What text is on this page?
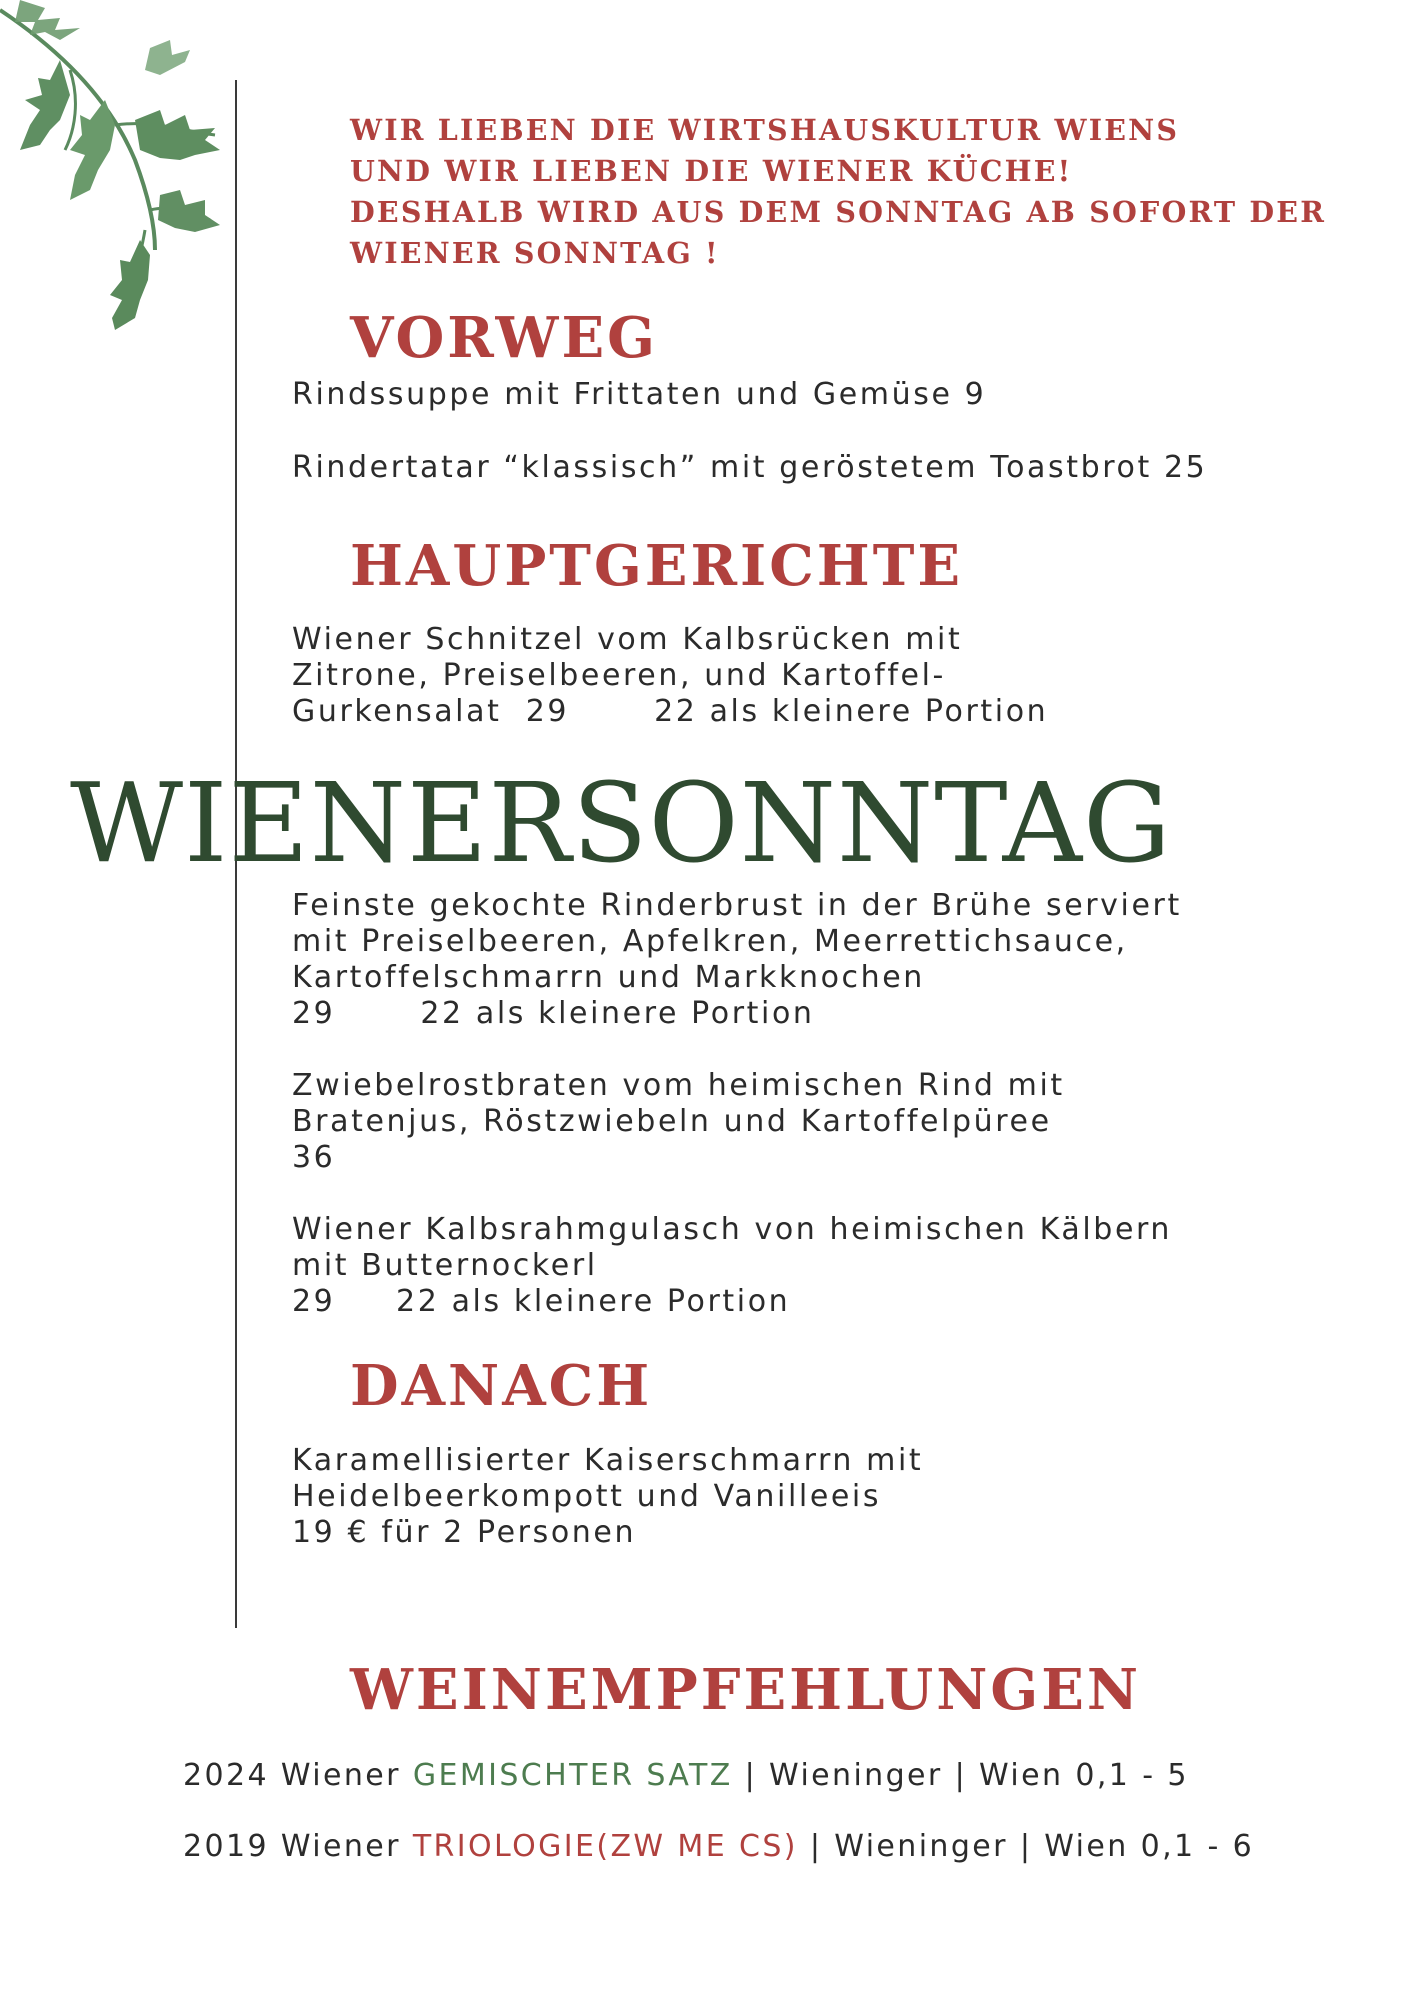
WIR LIEBEN DIE WIRTSHAUSKULTUR WIENS
UND WIR LIEBEN DIE WIENER KÜCHE!
DESHALB WIRD AUS DEM SONNTAG AB SOFORT DER
WIENER SONNTAG !
VORWEG
Rindssuppe mit Frittaten und Gemüse 9
Rindertatar “klassisch” mit geröstetem Toastbrot 25
HAUPTGERICHTE
Wiener Schnitzel vom Kalbsrücken mit
Zitrone, Preiselbeeren, und Kartoffel-
Gurkensalat  29       22 als kleinere Portion
WIENERSONNTAG
Feinste gekochte Rinderbrust in der Brühe serviert
mit Preiselbeeren, Apfelkren, Meerrettichsauce,
Kartoffelschmarrn und Markknochen
29       22 als kleinere Portion
Zwiebelrostbraten vom heimischen Rind mit
Bratenjus, Röstzwiebeln und Kartoffelpüree
36
Wiener Kalbsrahmgulasch von heimischen Kälbern
mit Butternockerl
29     22 als kleinere Portion
DANACH
Karamellisierter Kaiserschmarrn mit
Heidelbeerkompott und Vanilleeis
19 € für 2 Personen
WEINEMPFEHLUNGEN
2024 Wiener GEMISCHTER SATZ | Wieninger | Wien 0,1 - 5
2019 Wiener TRIOLOGIE(ZW ME CS) | Wieninger | Wien 0,1 - 6
